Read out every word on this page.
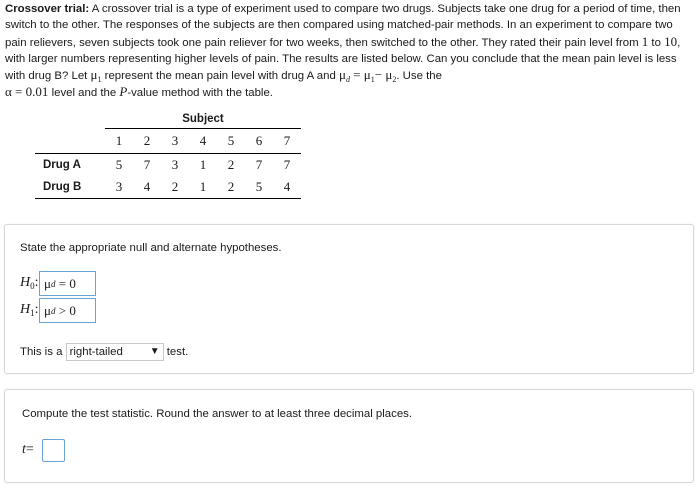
Crossover trial: A crossover trial is a type of experiment used to compare two drugs. Subjects take one drug for a period of time, then switch to the other. The responses of the subjects are then compared using matched-pair methods. In an experiment to compare two pain relievers, seven subjects took one pain reliever for two weeks, then switched to the other. They rated their pain level from 1 to 10, with larger numbers representing higher levels of pain. The results are listed below. Can you conclude that the mean pain level is less with drug B? Let $\mu_1$ represent the mean pain level with drug A and $\mu_d = \mu_1- \mu_2$. Use the
α = 0.01 level and the P-value method with the table.
	Subject						
	1	2	3	4	5	6	7
Drug A	5	7	3	1	2	7	7
Drug B	3	4	2	1	2	5	4
State the appropriate null and alternate hypotheses.
$H_0$: μ d
= 0
$H_1$: μ d
> 0
This is a right-tailed	▼ test.
Compute the test statistic. Round the answer to at least three decimal places.
t=
